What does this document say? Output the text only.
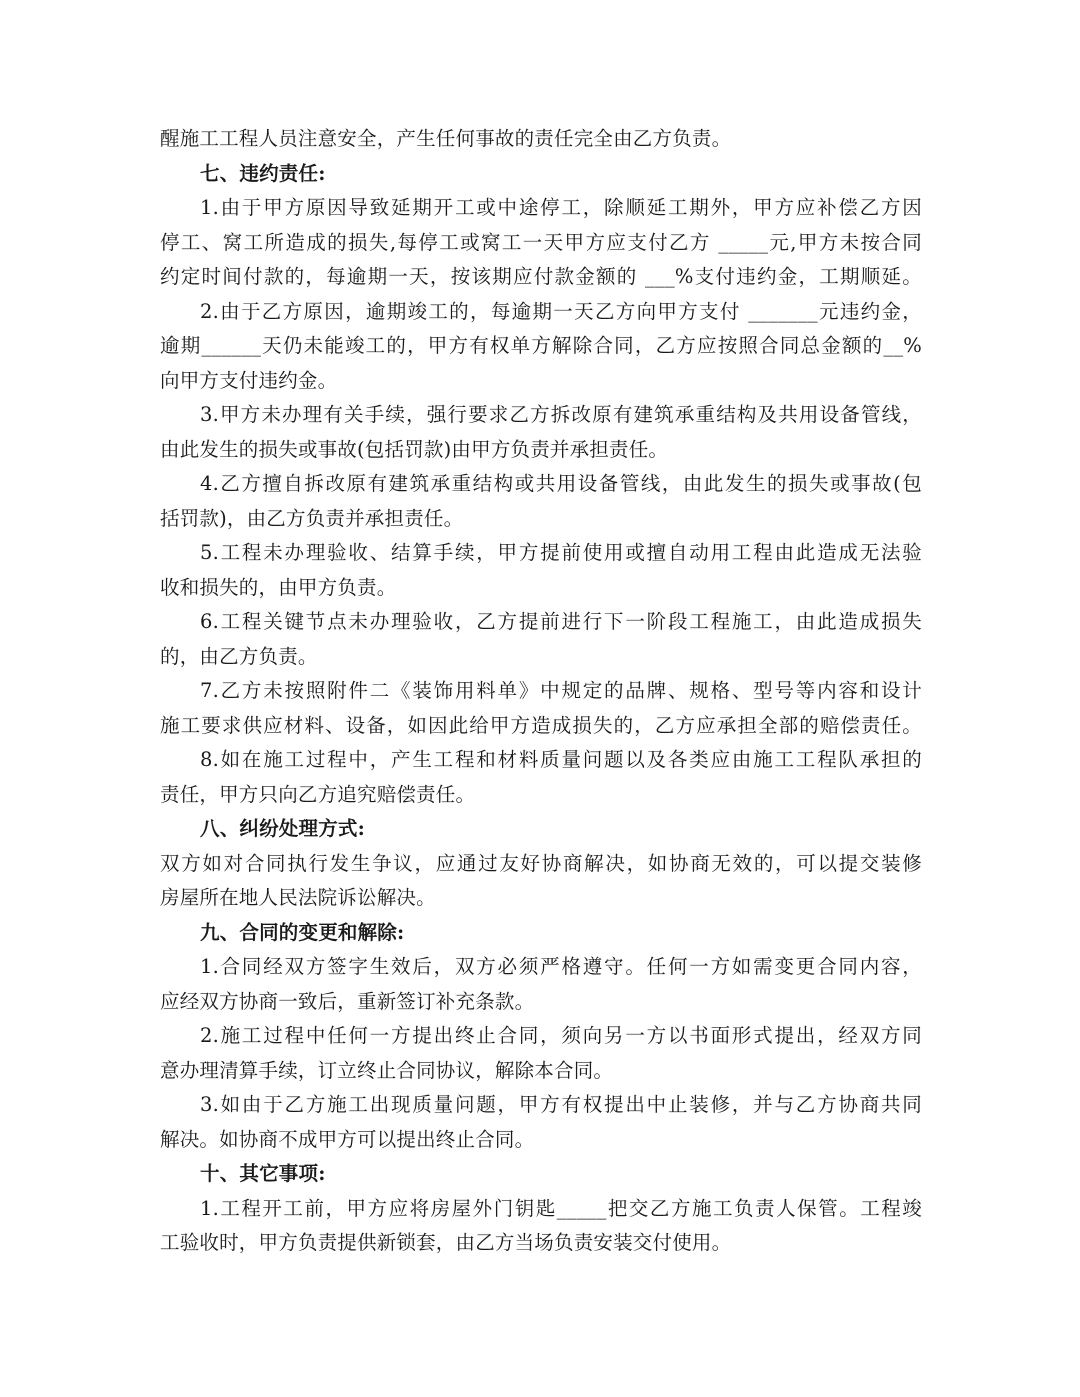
醒施工工程人员注意安全，产生任何事故的责任完全由乙方负责。
七、违约责任:
1.由于甲方原因导致延期开工或中途停工，除顺延工期外，甲方应补偿乙方因
停工、窝工所造成的损失,每停工或窝工一天甲方应支付乙方 _____元,甲方未按合同
约定时间付款的，每逾期一天，按该期应付款金额的 ___%支付违约金，工期顺延。
2.由于乙方原因，逾期竣工的，每逾期一天乙方向甲方支付 _______元违约金，
逾期______天仍未能竣工的，甲方有权单方解除合同，乙方应按照合同总金额的__%
向甲方支付违约金。
3.甲方未办理有关手续，强行要求乙方拆改原有建筑承重结构及共用设备管线，
由此发生的损失或事故(包括罚款)由甲方负责并承担责任。
4.乙方擅自拆改原有建筑承重结构或共用设备管线，由此发生的损失或事故(包
括罚款)，由乙方负责并承担责任。
5.工程未办理验收、结算手续，甲方提前使用或擅自动用工程由此造成无法验
收和损失的，由甲方负责。
6.工程关键节点未办理验收，乙方提前进行下一阶段工程施工，由此造成损失
的，由乙方负责。
7.乙方未按照附件二《装饰用料单》中规定的品牌、规格、型号等内容和设计
施工要求供应材料、设备，如因此给甲方造成损失的，乙方应承担全部的赔偿责任。
8.如在施工过程中，产生工程和材料质量问题以及各类应由施工工程队承担的
责任，甲方只向乙方追究赔偿责任。
八、纠纷处理方式:
双方如对合同执行发生争议，应通过友好协商解决，如协商无效的，可以提交装修
房屋所在地人民法院诉讼解决。
九、合同的变更和解除:
1.合同经双方签字生效后，双方必须严格遵守。任何一方如需变更合同内容，
应经双方协商一致后，重新签订补充条款。
2.施工过程中任何一方提出终止合同，须向另一方以书面形式提出，经双方同
意办理清算手续，订立终止合同协议，解除本合同。
3.如由于乙方施工出现质量问题，甲方有权提出中止装修，并与乙方协商共同
解决。如协商不成甲方可以提出终止合同。
十、其它事项:
1.工程开工前，甲方应将房屋外门钥匙_____把交乙方施工负责人保管。工程竣
工验收时，甲方负责提供新锁套，由乙方当场负责安装交付使用。
